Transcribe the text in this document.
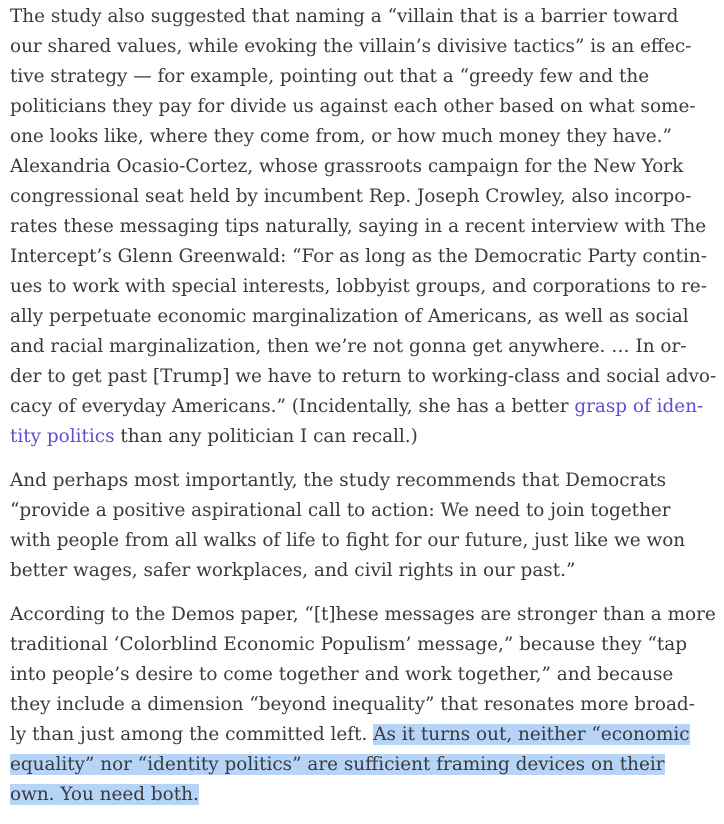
The study also suggested that naming a “villain that is a barrier toward
our shared values, while evoking the villain’s divisive tactics” is an effec-
tive strategy — for example, pointing out that a “greedy few and the
politicians they pay for divide us against each other based on what some-
one looks like, where they come from, or how much money they have.”
Alexandria Ocasio-Cortez, whose grassroots campaign for the New York
congressional seat held by incumbent Rep. Joseph Crowley, also incorpo-
rates these messaging tips naturally, saying in a recent interview with The
Intercept’s Glenn Greenwald: “For as long as the Democratic Party contin-
ues to work with special interests, lobbyist groups, and corporations to re-
ally perpetuate economic marginalization of Americans, as well as social
and racial marginalization, then we’re not gonna get anywhere. … In or-
der to get past [Trump] we have to return to working-class and social advo-
cacy of everyday Americans.” (Incidentally, she has a better grasp of iden-
tity politics than any politician I can recall.)

And perhaps most importantly, the study recommends that Democrats
“provide a positive aspirational call to action: We need to join together
with people from all walks of life to fight for our future, just like we won
better wages, safer workplaces, and civil rights in our past.”

According to the Demos paper, “[t]hese messages are stronger than a more
traditional ‘Colorblind Economic Populism’ message,” because they “tap
into people’s desire to come together and work together,” and because
they include a dimension “beyond inequality” that resonates more broad-
ly than just among the committed left. As it turns out, neither “economic
equality” nor “identity politics” are sufficient framing devices on their
own. You need both.
